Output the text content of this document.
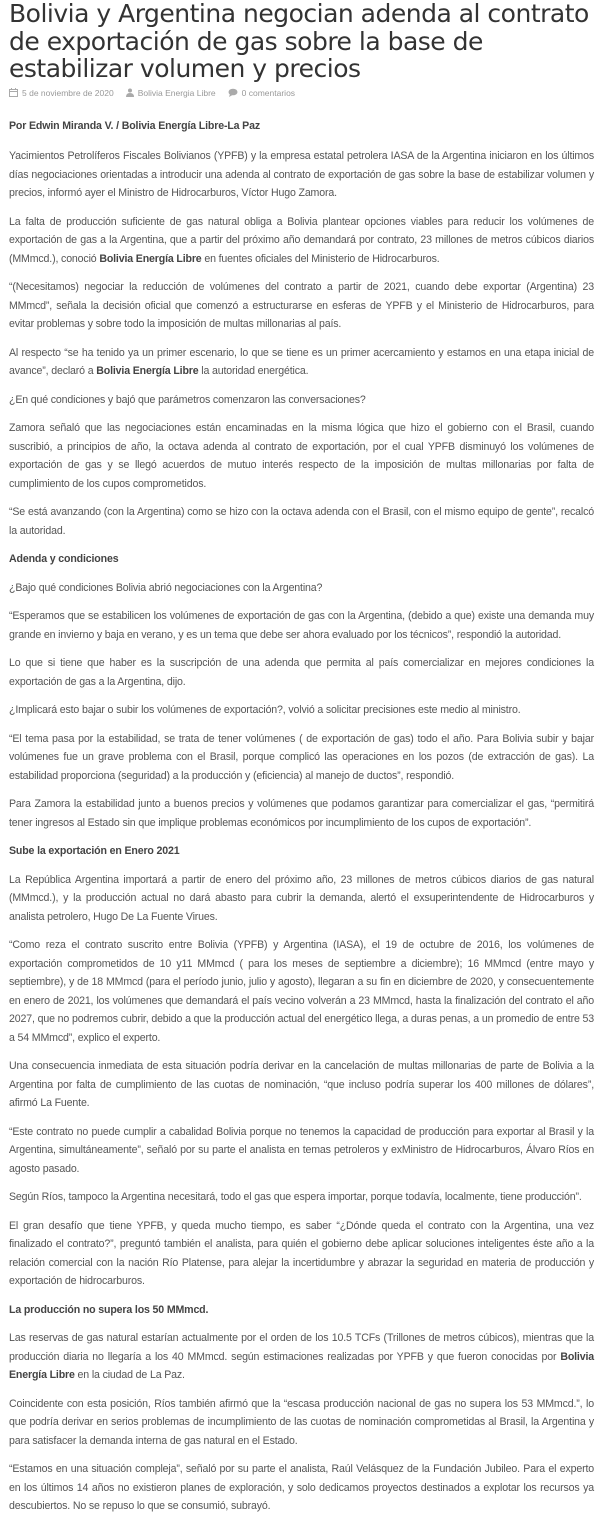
Bolivia y Argentina negocian adenda al contrato de exportación de gas sobre la base de estabilizar volumen y precios
5 de noviembre de 2020	Bolivia Energia Libre	0 comentarios

Por Edwin Miranda V. / Bolivia Energía Libre-La Paz

Yacimientos Petrolíferos Fiscales Bolivianos (YPFB) y la empresa estatal petrolera IASA de la Argentina iniciaron en los últimos días negociaciones orientadas a introducir una adenda al contrato de exportación de gas sobre la base de estabilizar volumen y precios, informó ayer el Ministro de Hidrocarburos, Víctor Hugo Zamora.

La falta de producción suficiente de gas natural obliga a Bolivia plantear opciones viables para reducir los volúmenes de exportación de gas a la Argentina, que a partir del próximo año demandará por contrato, 23 millones de metros cúbicos diarios (MMmcd.), conoció Bolivia Energía Libre en fuentes oficiales del Ministerio de Hidrocarburos.

“(Necesitamos) negociar la reducción de volúmenes del contrato a partir de 2021, cuando debe exportar (Argentina) 23 MMmcd”, señala la decisión oficial que comenzó a estructurarse en esferas de YPFB y el Ministerio de Hidrocarburos, para evitar problemas y sobre todo la imposición de multas millonarias al país.

Al respecto “se ha tenido ya un primer escenario, lo que se tiene es un primer acercamiento y estamos en una etapa inicial de avance”, declaró a Bolivia Energía Libre la autoridad energética.

¿En qué condiciones y bajó que parámetros comenzaron las conversaciones?

Zamora señaló que las negociaciones están encaminadas en la misma lógica que hizo el gobierno con el Brasil, cuando suscribió, a principios de año, la octava adenda al contrato de exportación, por el cual YPFB disminuyó los volúmenes de exportación de gas y se llegó acuerdos de mutuo interés respecto de la imposición de multas millonarias por falta de cumplimiento de los cupos comprometidos.

“Se está avanzando (con la Argentina) como se hizo con la octava adenda con el Brasil, con el mismo equipo de gente”, recalcó la autoridad.

Adenda y condiciones

¿Bajo qué condiciones Bolivia abrió negociaciones con la Argentina?

“Esperamos que se estabilicen los volúmenes de exportación de gas con la Argentina, (debido a que) existe una demanda muy grande en invierno y baja en verano, y es un tema que debe ser ahora evaluado por los técnicos”, respondió la autoridad.

Lo que si tiene que haber es la suscripción de una adenda que permita al país comercializar en mejores condiciones la exportación de gas a la Argentina, dijo.

¿Implicará esto bajar o subir los volúmenes de exportación?, volvió a solicitar precisiones este medio al ministro.

“El tema pasa por la estabilidad, se trata de tener volúmenes ( de exportación de gas) todo el año. Para Bolivia subir y bajar volúmenes fue un grave problema con el Brasil, porque complicó las operaciones en los pozos (de extracción de gas). La estabilidad proporciona (seguridad) a la producción y (eficiencia) al manejo de ductos”, respondió.

Para Zamora la estabilidad junto a buenos precios y volúmenes que podamos garantizar para comercializar el gas, “permitirá tener ingresos al Estado sin que implique problemas económicos por incumplimiento de los cupos de exportación”.

Sube la exportación en Enero 2021

La República Argentina importará a partir de enero del próximo año, 23 millones de metros cúbicos diarios de gas natural (MMmcd.), y la producción actual no dará abasto para cubrir la demanda, alertó el exsuperintendente de Hidrocarburos y analista petrolero, Hugo De La Fuente Virues.

“Como reza el contrato suscrito entre Bolivia (YPFB) y Argentina (IASA), el 19 de octubre de 2016, los volúmenes de exportación comprometidos de 10 y11 MMmcd ( para los meses de septiembre a diciembre); 16 MMmcd (entre mayo y septiembre), y de 18 MMmcd (para el período junio, julio y agosto), llegaran a su fin en diciembre de 2020, y consecuentemente en enero de 2021, los volúmenes que demandará el país vecino volverán a 23 MMmcd, hasta la finalización del contrato el año 2027, que no podremos cubrir, debido a que la producción actual del energético llega, a duras penas, a un promedio de entre 53 a 54 MMmcd”, explico el experto.

Una consecuencia inmediata de esta situación podría derivar en la cancelación de multas millonarias de parte de Bolivia a la Argentina por falta de cumplimiento de las cuotas de nominación, “que incluso podría superar los 400 millones de dólares”, afirmó La Fuente.

“Este contrato no puede cumplir a cabalidad Bolivia porque no tenemos la capacidad de producción para exportar al Brasil y la Argentina, simultáneamente”, señaló por su parte el analista en temas petroleros y exMinistro de Hidrocarburos, Álvaro Ríos en agosto pasado.

Según Ríos, tampoco la Argentina necesitará, todo el gas que espera importar, porque todavía, localmente, tiene producción”.

El gran desafío que tiene YPFB, y queda mucho tiempo, es saber “¿Dónde queda el contrato con la Argentina, una vez finalizado el contrato?”, preguntó también el analista, para quién el gobierno debe aplicar soluciones inteligentes éste año a la relación comercial con la nación Río Platense, para alejar la incertidumbre y abrazar la seguridad en materia de producción y exportación de hidrocarburos.

La producción no supera los 50 MMmcd.

Las reservas de gas natural estarían actualmente por el orden de los 10.5 TCFs (Trillones de metros cúbicos), mientras que la producción diaria no llegaría a los 40 MMmcd. según estimaciones realizadas por YPFB y que fueron conocidas por Bolivia Energía Libre en la ciudad de La Paz.

Coincidente con esta posición, Ríos también afirmó que la “escasa producción nacional de gas no supera los 53 MMmcd.”, lo que podría derivar en serios problemas de incumplimiento de las cuotas de nominación comprometidas al Brasil, la Argentina y para satisfacer la demanda interna de gas natural en el Estado.

“Estamos en una situación compleja”, señaló por su parte el analista, Raúl Velásquez de la Fundación Jubileo. Para el experto en los últimos 14 años no existieron planes de exploración, y solo dedicamos proyectos destinados a explotar los recursos ya descubiertos. No se repuso lo que se consumió, subrayó.
